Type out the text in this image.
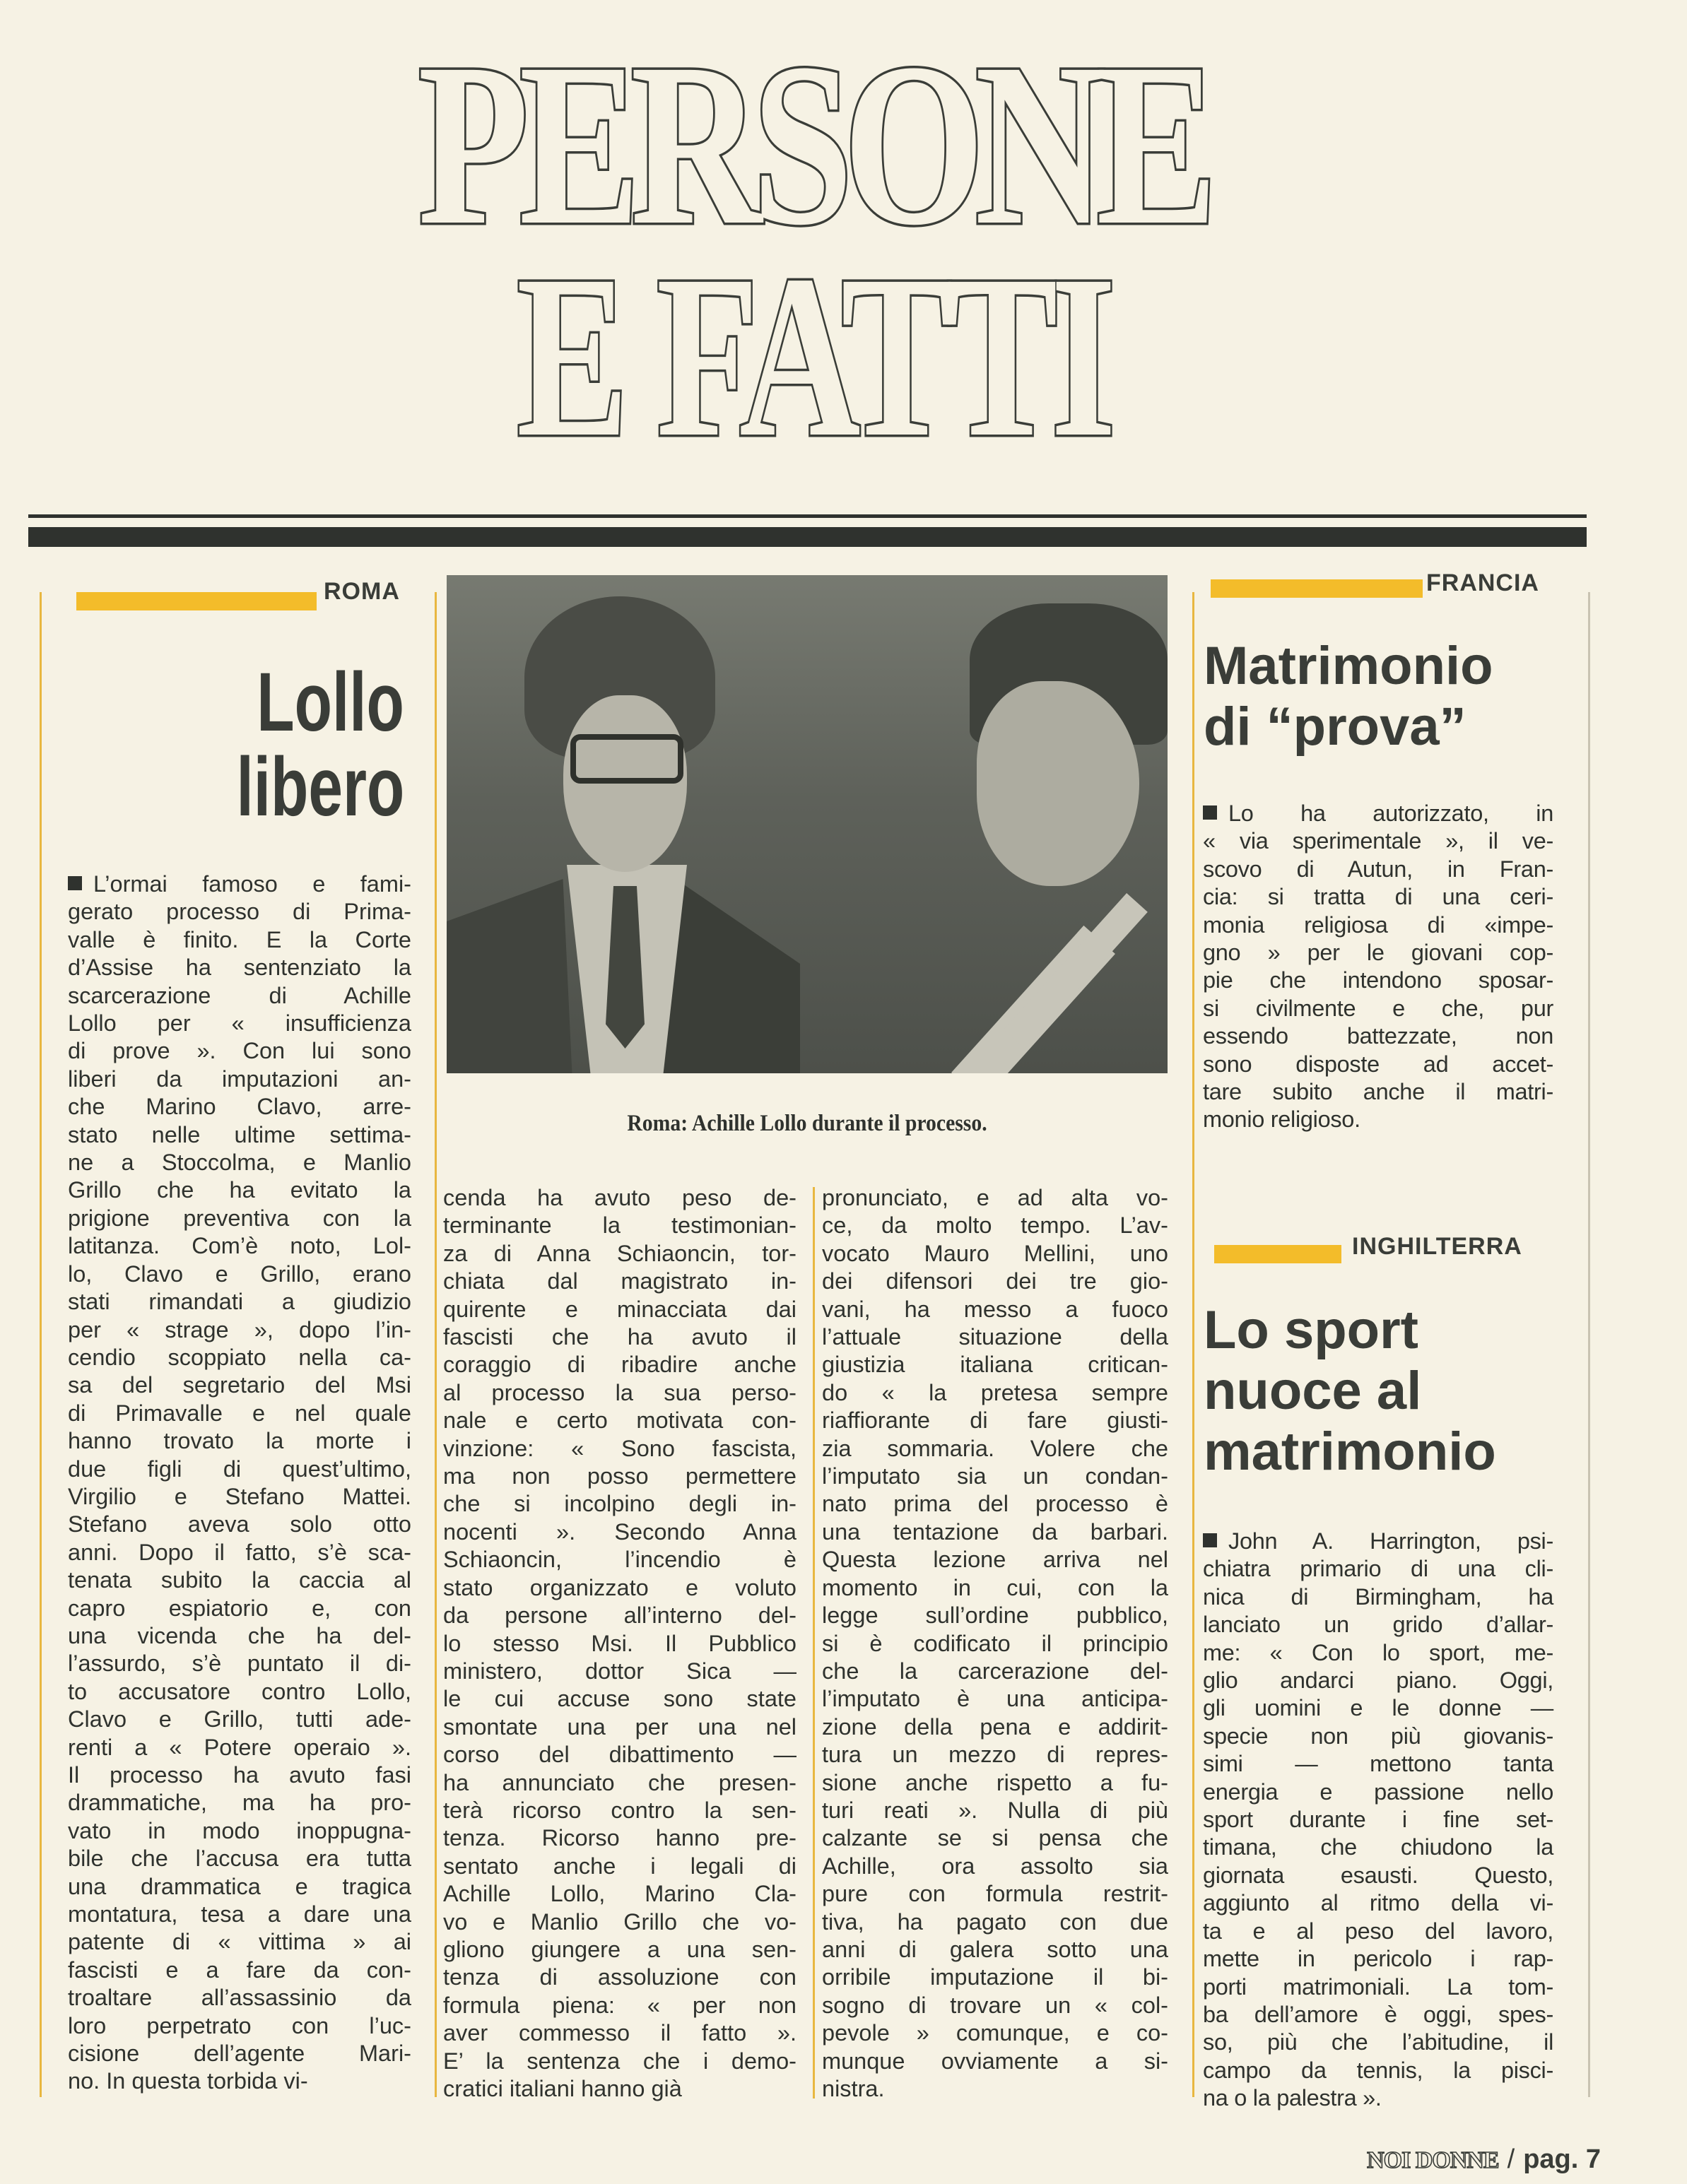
PERSONE
E FATTI
ROMA
Lollo
libero
L’ormai famoso e fami-
gerato processo di Prima-
valle è finito. E la Corte
d’Assise ha sentenziato la
scarcerazione di Achille
Lollo per « insufficienza
di prove ». Con lui sono
liberi da imputazioni an-
che Marino Clavo, arre-
stato nelle ultime settima-
ne a Stoccolma, e Manlio
Grillo che ha evitato la
prigione preventiva con la
latitanza. Com’è noto, Lol-
lo, Clavo e Grillo, erano
stati rimandati a giudizio
per « strage », dopo l’in-
cendio scoppiato nella ca-
sa del segretario del Msi
di Primavalle e nel quale
hanno trovato la morte i
due figli di quest’ultimo,
Virgilio e Stefano Mattei.
Stefano aveva solo otto
anni. Dopo il fatto, s’è sca-
tenata subito la caccia al
capro espiatorio e, con
una vicenda che ha del-
l’assurdo, s’è puntato il di-
to accusatore contro Lollo,
Clavo e Grillo, tutti ade-
renti a « Potere operaio ».
Il processo ha avuto fasi
drammatiche, ma ha pro-
vato in modo inoppugna-
bile che l’accusa era tutta
una drammatica e tragica
montatura, tesa a dare una
patente di « vittima » ai
fascisti e a fare da con-
troaltare all’assassinio da
loro perpetrato con l’uc-
cisione dell’agente Mari-
no. In questa torbida vi-
Roma: Achille Lollo durante il processo.
cenda ha avuto peso de-
terminante la testimonian-
za di Anna Schiaoncin, tor-
chiata dal magistrato in-
quirente e minacciata dai
fascisti che ha avuto il
coraggio di ribadire anche
al processo la sua perso-
nale e certo motivata con-
vinzione: « Sono fascista,
ma non posso permettere
che si incolpino degli in-
nocenti ». Secondo Anna
Schiaoncin, l’incendio è
stato organizzato e voluto
da persone all’interno del-
lo stesso Msi. Il Pubblico
ministero, dottor Sica —
le cui accuse sono state
smontate una per una nel
corso del dibattimento —
ha annunciato che presen-
terà ricorso contro la sen-
tenza. Ricorso hanno pre-
sentato anche i legali di
Achille Lollo, Marino Cla-
vo e Manlio Grillo che vo-
gliono giungere a una sen-
tenza di assoluzione con
formula piena: « per non
aver commesso il fatto ».
E’ la sentenza che i demo-
cratici italiani hanno già
pronunciato, e ad alta vo-
ce, da molto tempo. L’av-
vocato Mauro Mellini, uno
dei difensori dei tre gio-
vani, ha messo a fuoco
l’attuale situazione della
giustizia italiana critican-
do « la pretesa sempre
riaffiorante di fare giusti-
zia sommaria. Volere che
l’imputato sia un condan-
nato prima del processo è
una tentazione da barbari.
Questa lezione arriva nel
momento in cui, con la
legge sull’ordine pubblico,
si è codificato il principio
che la carcerazione del-
l’imputato è una anticipa-
zione della pena e addirit-
tura un mezzo di repres-
sione anche rispetto a fu-
turi reati ». Nulla di più
calzante se si pensa che
Achille, ora assolto sia
pure con formula restrit-
tiva, ha pagato con due
anni di galera sotto una
orribile imputazione il bi-
sogno di trovare un « col-
pevole » comunque, e co-
munque ovviamente a si-
nistra.
FRANCIA
Matrimonio
di “prova”
Lo ha autorizzato, in
« via sperimentale », il ve-
scovo di Autun, in Fran-
cia: si tratta di una ceri-
monia religiosa di «impe-
gno » per le giovani cop-
pie che intendono sposar-
si civilmente e che, pur
essendo battezzate, non
sono disposte ad accet-
tare subito anche il matri-
monio religioso.
INGHILTERRA
Lo sport
nuoce al
matrimonio
John A. Harrington, psi-
chiatra primario di una cli-
nica di Birmingham, ha
lanciato un grido d’allar-
me: « Con lo sport, me-
glio andarci piano. Oggi,
gli uomini e le donne —
specie non più giovanis-
simi — mettono tanta
energia e passione nello
sport durante i fine set-
timana, che chiudono la
giornata esausti. Questo,
aggiunto al ritmo della vi-
ta e al peso del lavoro,
mette in pericolo i rap-
porti matrimoniali. La tom-
ba dell’amore è oggi, spes-
so, più che l’abitudine, il
campo da tennis, la pisci-
na o la palestra ».
NOI DONNE / pag. 7
